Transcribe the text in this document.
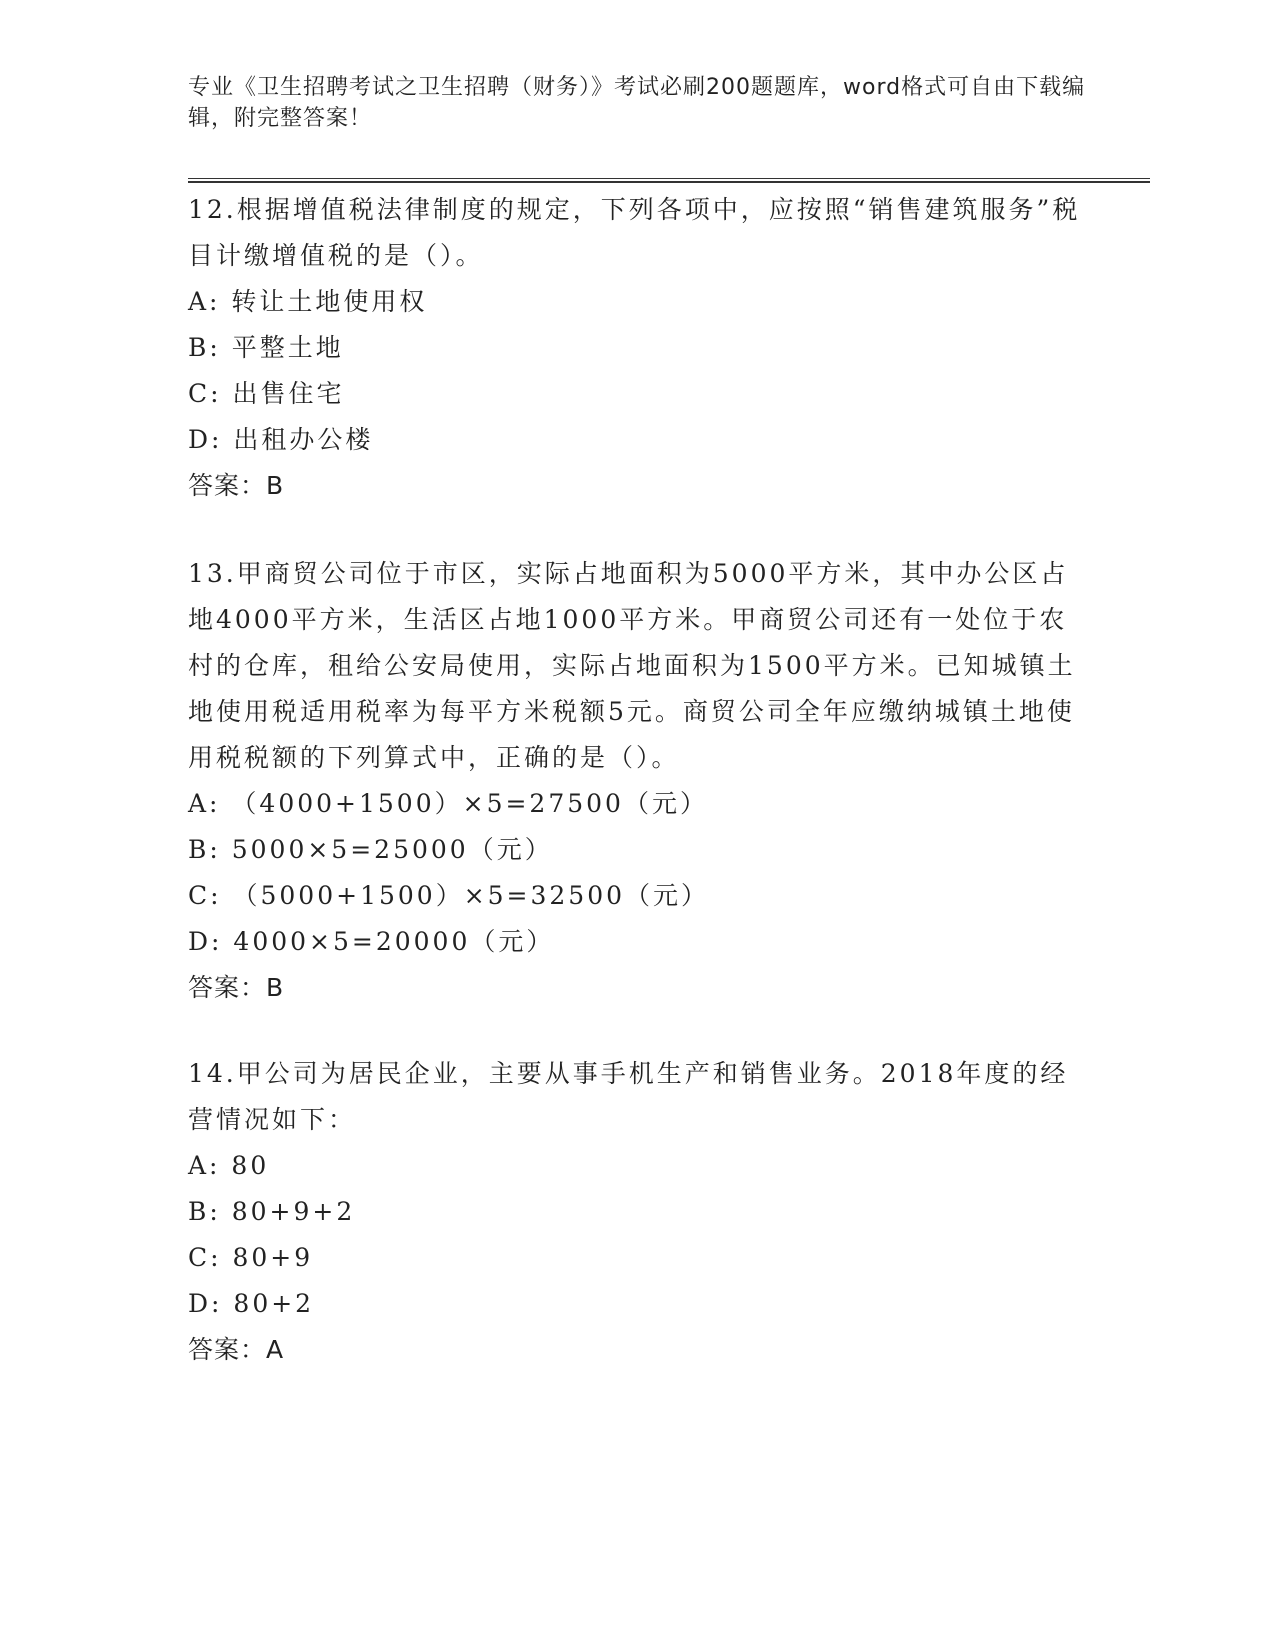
专业《卫生招聘考试之卫生招聘（财务）》考试必刷200题题库，word格式可自由下载编辑，附完整答案！

12.根据增值税法律制度的规定，下列各项中，应按照“销售建筑服务”税目计缴增值税的是（）。

A: 转让土地使用权

B: 平整土地

C: 出售住宅

D: 出租办公楼

答案：B

13.甲商贸公司位于市区，实际占地面积为5000平方米，其中办公区占地4000平方米，生活区占地1000平方米。甲商贸公司还有一处位于农村的仓库，租给公安局使用，实际占地面积为1500平方米。已知城镇土地使用税适用税率为每平方米税额5元。商贸公司全年应缴纳城镇土地使用税税额的下列算式中，正确的是（）。

A: （4000+1500）×5=27500（元）

B: 5000×5=25000（元）

C: （5000+1500）×5=32500（元）

D: 4000×5=20000（元）

答案：B

14.甲公司为居民企业，主要从事手机生产和销售业务。2018年度的经营情况如下：

A: 80

B: 80+9+2

C: 80+9

D: 80+2

答案：A
